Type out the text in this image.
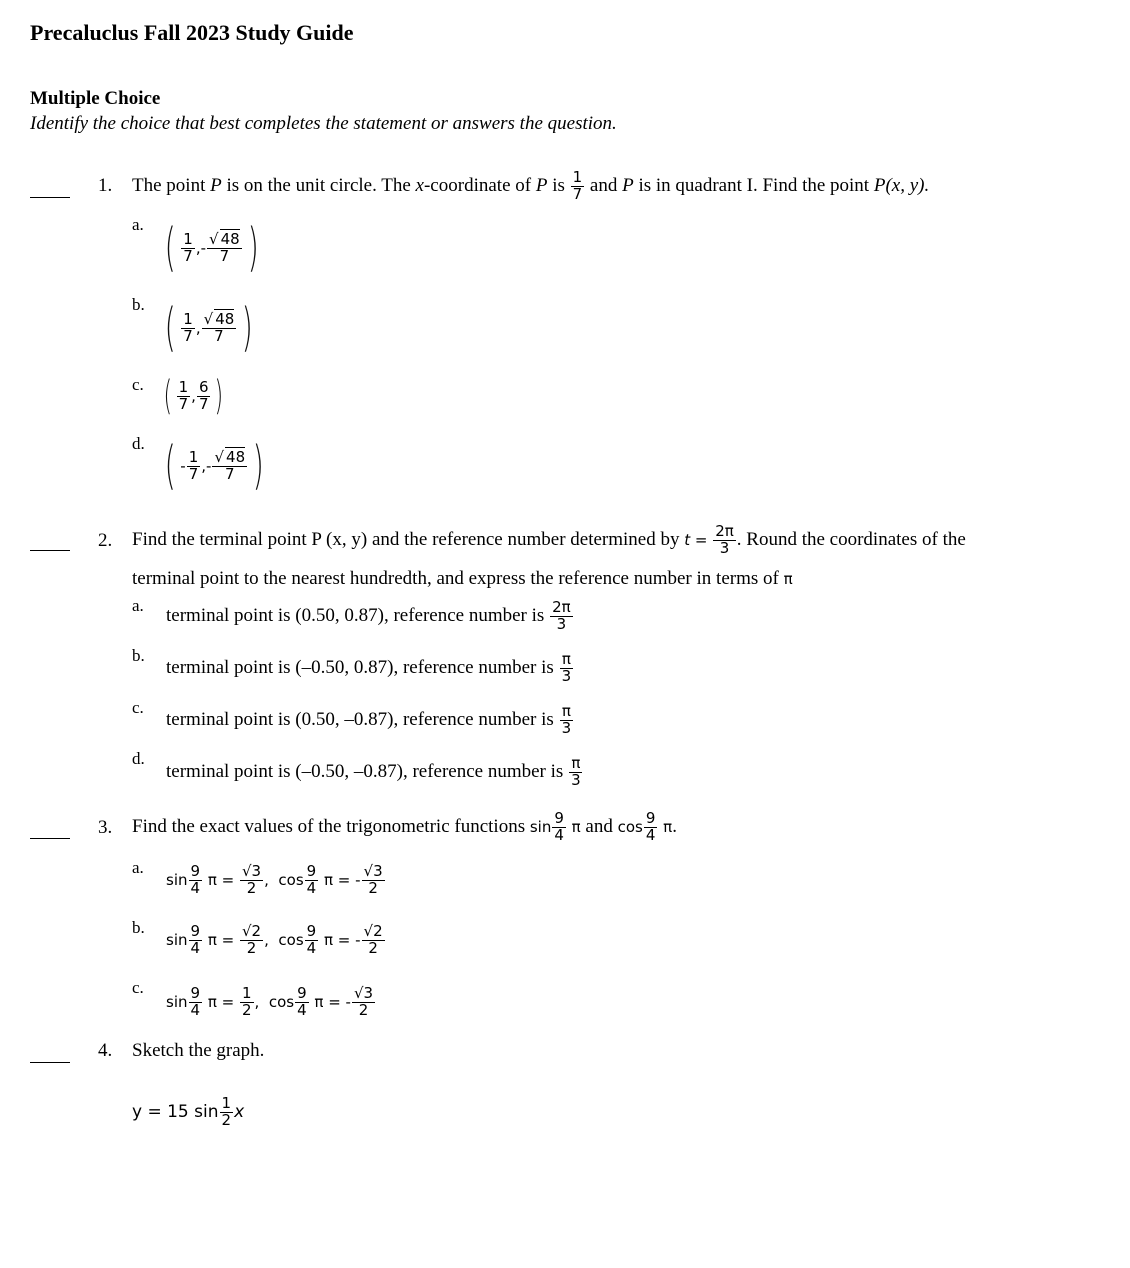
Precaluclus Fall 2023 Study Guide
Multiple Choice
Identify the choice that best completes the statement or answers the question.
1. The point
P
is on the unit circle. The
x -coordinate of
P
is
$\frac{1}{7}$
and
P
is in quadrant I. Find the point
P(x, y).
a. ( 1
7 , -
√ 48
7 )
b. ( 1
7 ,
√ 48
7 )
c. ( 1
7 ,
6
7 )
d. ( -
1
7 , -
√ 48
7 )
2. Find the terminal point P (x, y) and the reference number determined by
t =
$\frac{2\pi}{3}$ . Round the coordinates of the
terminal point to the nearest hundredth, and express the reference number in terms of π
a. terminal point is (0.50, 0.87), reference number is
$\frac{2\pi}{3}$
b.
terminal point is (–0.50, 0.87), reference number is
$\frac{\pi}{3}$
c.
terminal point is (0.50, –0.87), reference number is
$\frac{\pi}{3}$
d.
terminal point is (–0.50, –0.87), reference number is
$\frac{\pi}{3}$
3. Find the exact values of the trigonometric functions
sin
9
4
π
and
cos
9
4
π .
a.
sin
9
4
$\pi = \frac{√3}{2}$ , cos
9
4
π = - $\frac{√3}{2}$
b.
sin
9
4
$\pi = \frac{√2}{2}$ , cos
9
4
π = - $\frac{√2}{2}$
c.
sin
9
4
$\pi = \frac{1}{2}$ , cos
9
4
π = - $\frac{√3}{2}$
4. Sketch the graph.
y = 15 $\sin \frac{1}{2}$ x
